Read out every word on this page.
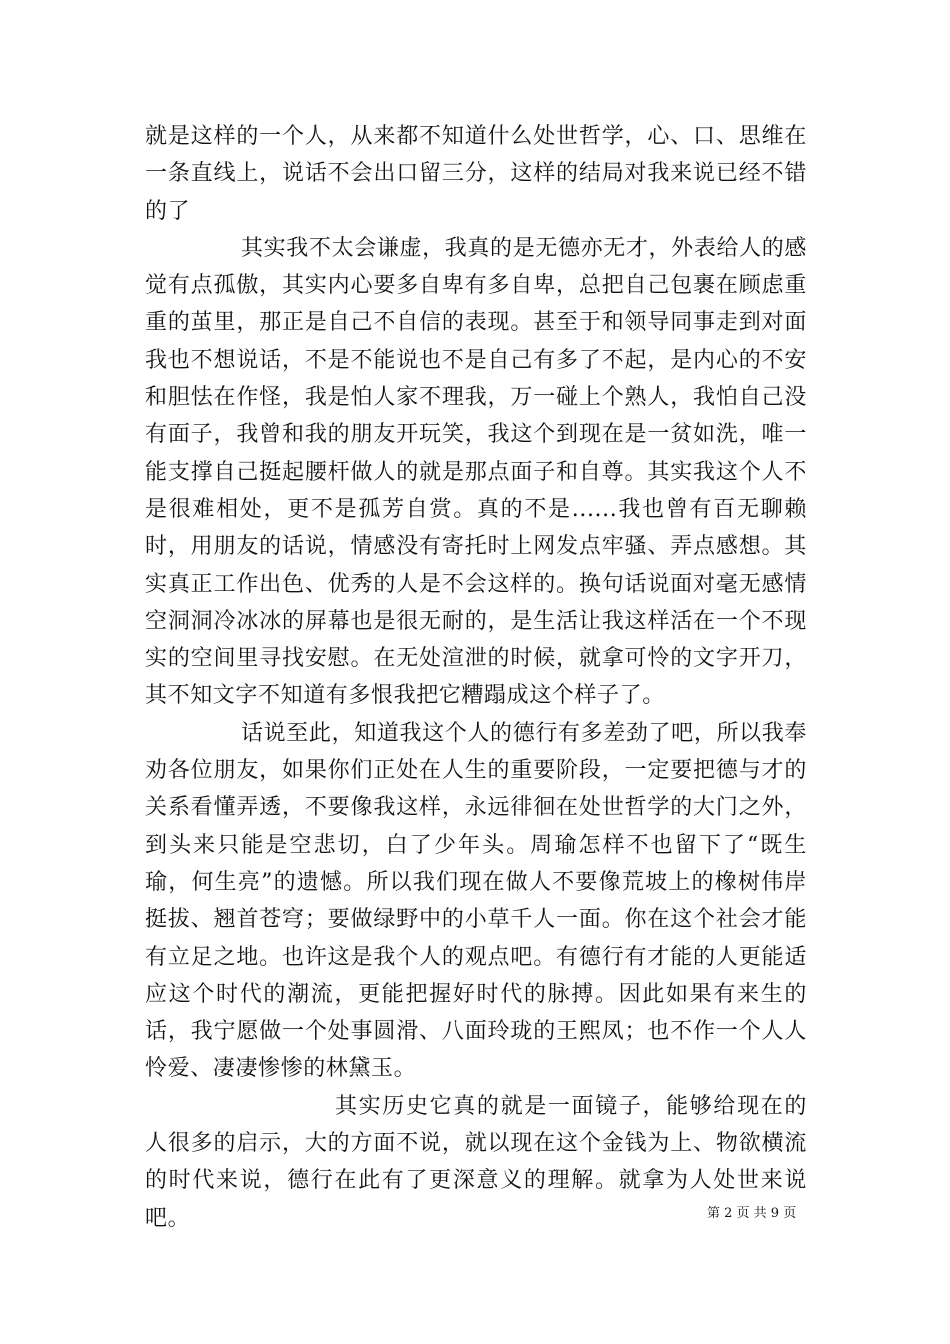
就是这样的一个人，从来都不知道什么处世哲学，心、口、思维在一条直线上，说话不会出口留三分，这样的结局对我来说已经不错的了

其实我不太会谦虚，我真的是无德亦无才，外表给人的感觉有点孤傲，其实内心要多自卑有多自卑，总把自己包裹在顾虑重重的茧里，那正是自己不自信的表现。甚至于和领导同事走到对面我也不想说话，不是不能说也不是自己有多了不起，是内心的不安和胆怯在作怪，我是怕人家不理我，万一碰上个熟人，我怕自己没有面子，我曾和我的朋友开玩笑，我这个到现在是一贫如洗，唯一能支撑自己挺起腰杆做人的就是那点面子和自尊。其实我这个人不是很难相处，更不是孤芳自赏。真的不是......我也曾有百无聊赖时，用朋友的话说，情感没有寄托时上网发点牢骚、弄点感想。其实真正工作出色、优秀的人是不会这样的。换句话说面对毫无感情空洞洞冷冰冰的屏幕也是很无耐的，是生活让我这样活在一个不现实的空间里寻找安慰。在无处渲泄的时候，就拿可怜的文字开刀，其不知文字不知道有多恨我把它糟蹋成这个样子了。

话说至此，知道我这个人的德行有多差劲了吧，所以我奉劝各位朋友，如果你们正处在人生的重要阶段，一定要把德与才的关系看懂弄透，不要像我这样，永远徘徊在处世哲学的大门之外，到头来只能是空悲切，白了少年头。周瑜怎样不也留下了“既生瑜，何生亮”的遗憾。所以我们现在做人不要像荒坡上的橡树伟岸挺拔、翘首苍穹；要做绿野中的小草千人一面。你在这个社会才能有立足之地。也许这是我个人的观点吧。有德行有才能的人更能适应这个时代的潮流，更能把握好时代的脉搏。因此如果有来生的话，我宁愿做一个处事圆滑、八面玲珑的王熙凤；也不作一个人人怜爱、凄凄惨惨的林黛玉。

其实历史它真的就是一面镜子，能够给现在的人很多的启示，大的方面不说，就以现在这个金钱为上、物欲横流的时代来说，德行在此有了更深意义的理解。就拿为人处世来说吧。	第 2 页 共 9 页
